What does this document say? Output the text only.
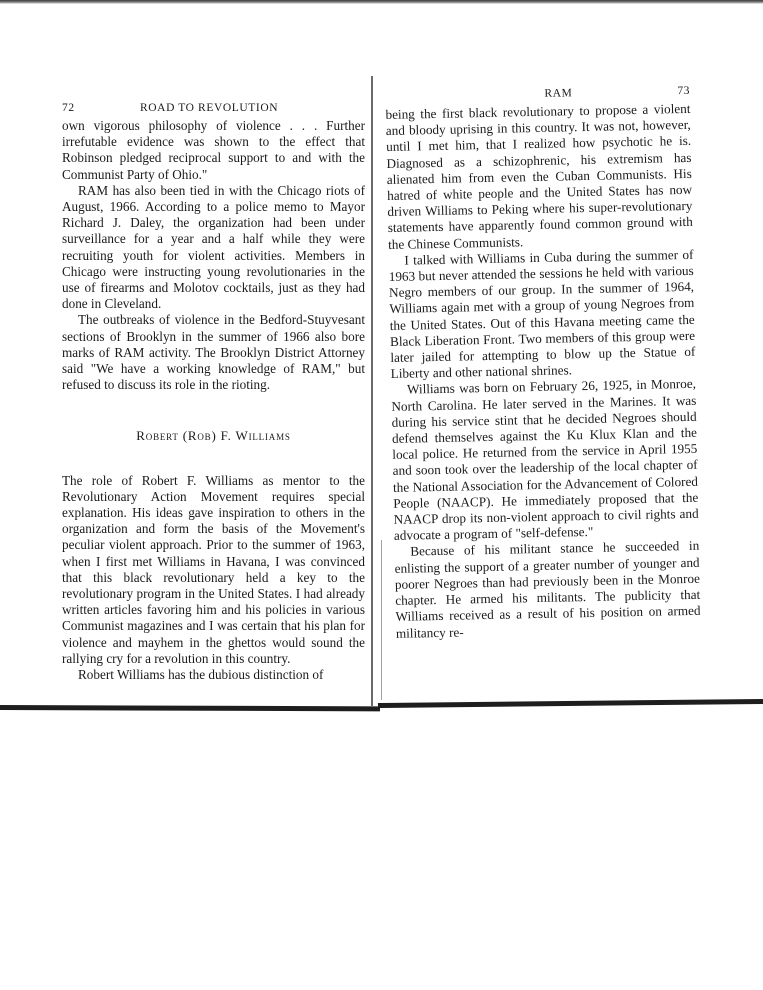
72	ROAD TO REVOLUTION

own vigorous philosophy of violence . . . Further irrefutable evidence was shown to the effect that Robinson pledged reciprocal support to and with the Communist Party of Ohio."

RAM has also been tied in with the Chicago riots of August, 1966. According to a police memo to Mayor Richard J. Daley, the organization had been under surveillance for a year and a half while they were recruiting youth for violent activities. Members in Chicago were instructing young revolutionaries in the use of firearms and Molotov cocktails, just as they had done in Cleveland.

The outbreaks of violence in the Bedford-Stuyvesant sections of Brooklyn in the summer of 1966 also bore marks of RAM activity. The Brooklyn District Attorney said "We have a working knowledge of RAM," but refused to discuss its role in the rioting.

Robert (Rob) F. Williams

The role of Robert F. Williams as mentor to the Revolutionary Action Movement requires special explanation. His ideas gave inspiration to others in the organization and form the basis of the Movement's peculiar violent approach. Prior to the summer of 1963, when I first met Williams in Havana, I was convinced that this black revolutionary held a key to the revolutionary program in the United States. I had already written articles favoring him and his policies in various Communist magazines and I was certain that his plan for violence and mayhem in the ghettos would sound the rallying cry for a revolution in this country.

Robert Williams has the dubious distinction of

RAM	73

being the first black revolutionary to propose a violent and bloody uprising in this country. It was not, however, until I met him, that I realized how psychotic he is. Diagnosed as a schizophrenic, his extremism has alienated him from even the Cuban Communists. His hatred of white people and the United States has now driven Williams to Peking where his super-revolutionary statements have apparently found common ground with the Chinese Communists.

I talked with Williams in Cuba during the summer of 1963 but never attended the sessions he held with various Negro members of our group. In the summer of 1964, Williams again met with a group of young Negroes from the United States. Out of this Havana meeting came the Black Liberation Front. Two members of this group were later jailed for attempting to blow up the Statue of Liberty and other national shrines.

Williams was born on February 26, 1925, in Monroe, North Carolina. He later served in the Marines. It was during his service stint that he decided Negroes should defend themselves against the Ku Klux Klan and the local police. He returned from the service in April 1955 and soon took over the leadership of the local chapter of the National Association for the Advancement of Colored People (NAACP). He immediately proposed that the NAACP drop its non-violent approach to civil rights and advocate a program of "self-defense."

Because of his militant stance he succeeded in enlisting the support of a greater number of younger and poorer Negroes than had previously been in the Monroe chapter. He armed his militants. The publicity that Williams received as a result of his position on armed militancy re-
